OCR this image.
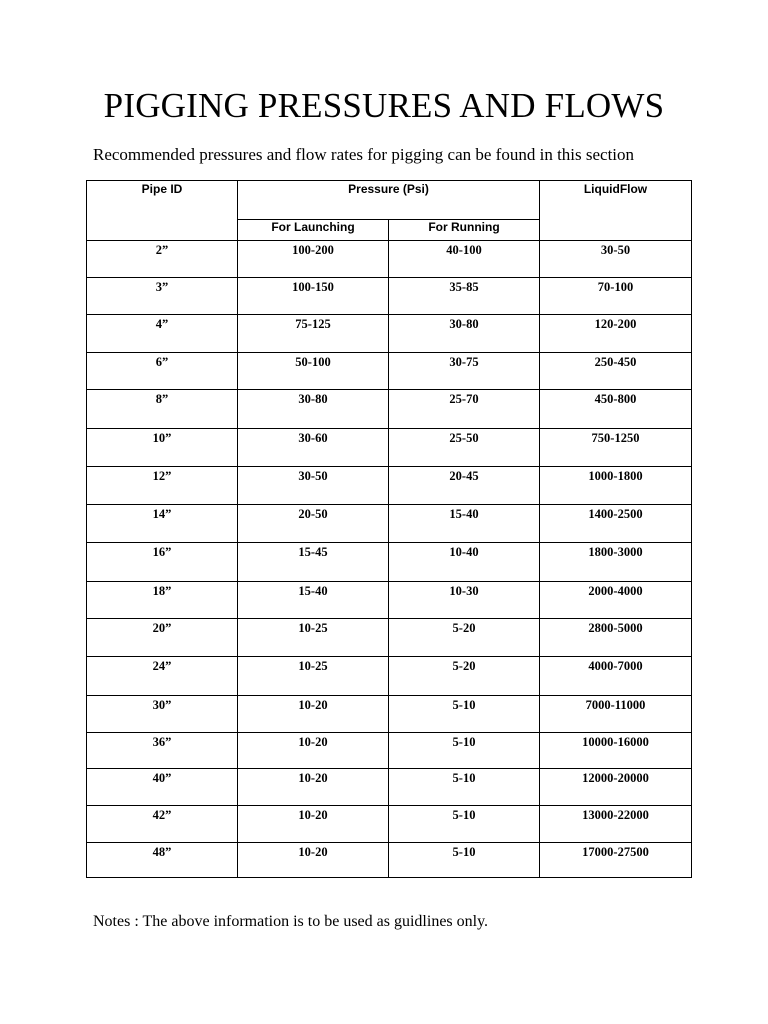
PIGGING PRESSURES AND FLOWS
Recommended pressures and flow rates for pigging can be found in this section
Pipe ID	Pressure (Psi)		LiquidFlow

	For Launching	For Running	

2”	100-200	40-100	30-50

3”	100-150	35-85	70-100

4”	75-125	30-80	120-200

6”	50-100	30-75	250-450

8”	30-80	25-70	450-800

10”	30-60	25-50	750-1250

12”	30-50	20-45	1000-1800

14”	20-50	15-40	1400-2500

16”	15-45	10-40	1800-3000

18”	15-40	10-30	2000-4000

20”	10-25	5-20	2800-5000

24”	10-25	5-20	4000-7000

30”	10-20	5-10	7000-11000

36”	10-20	5-10	10000-16000

40”	10-20	5-10	12000-20000

42”	10-20	5-10	13000-22000

48”	10-20	5-10	17000-27500
Notes : The above information is to be used as guidlines only.
